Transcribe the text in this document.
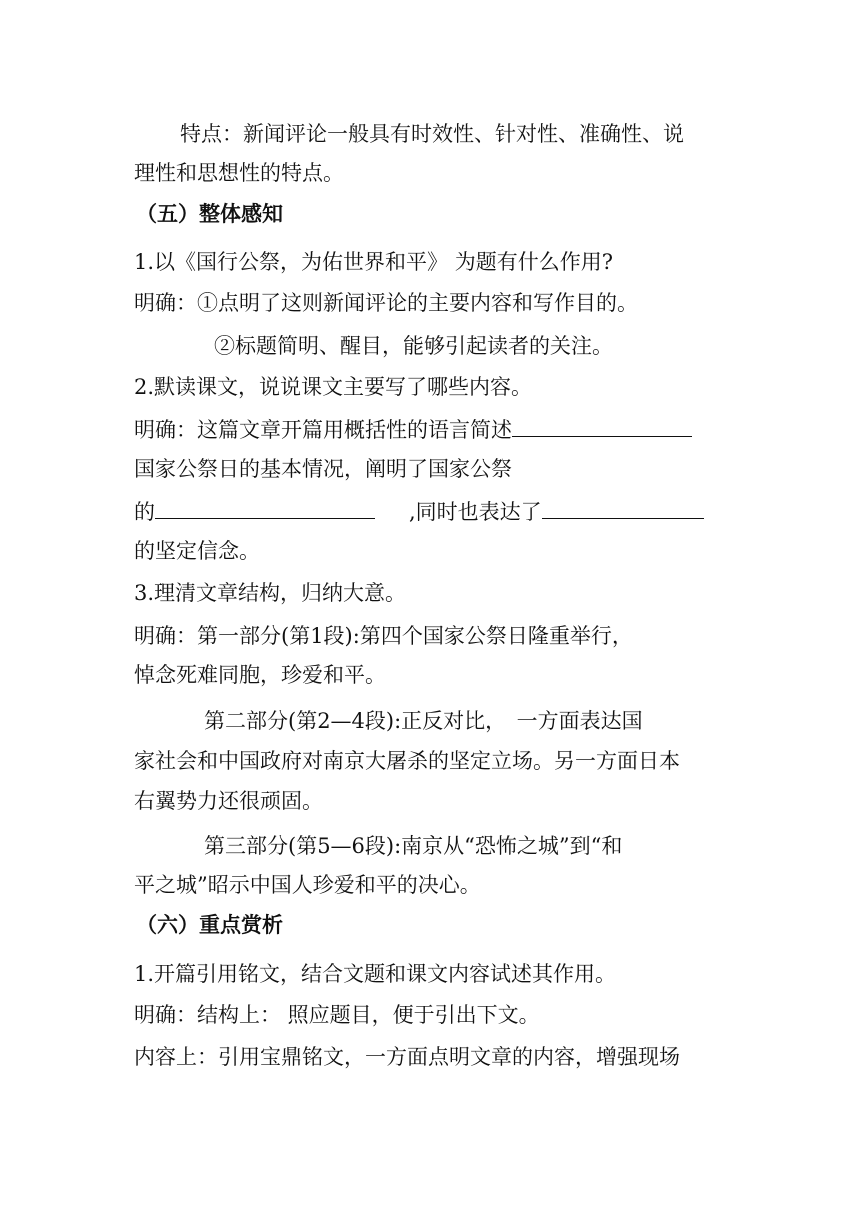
特点：新闻评论一般具有时效性、针对性、准确性、说
理性和思想性的特点。
（五）整体感知
1.以《国行公祭，为佑世界和平》 为题有什么作用?
明确：①点明了这则新闻评论的主要内容和写作目的。
②标题简明、醒目，能够引起读者的关注。
2.默读课文，说说课文主要写了哪些内容。
明确：这篇文章开篇用概括性的语言简述
国家公祭日的基本情况，阐明了国家公祭
的	,同时也表达了
的坚定信念。
3.理清文章结构，归纳大意。
明确：第一部分(第1段):第四个国家公祭日隆重举行，
悼念死难同胞，珍爱和平。
第二部分(第2—4段):正反对比，　一方面表达国
家社会和中国政府对南京大屠杀的坚定立场。另一方面日本
右翼势力还很顽固。
第三部分(第5—6段):南京从“恐怖之城”到“和
平之城”昭示中国人珍爱和平的决心。
（六）重点赏析
1.开篇引用铭文，结合文题和课文内容试述其作用。
明确：结构上： 照应题目，便于引出下文。
内容上：引用宝鼎铭文，一方面点明文章的内容，增强现场
